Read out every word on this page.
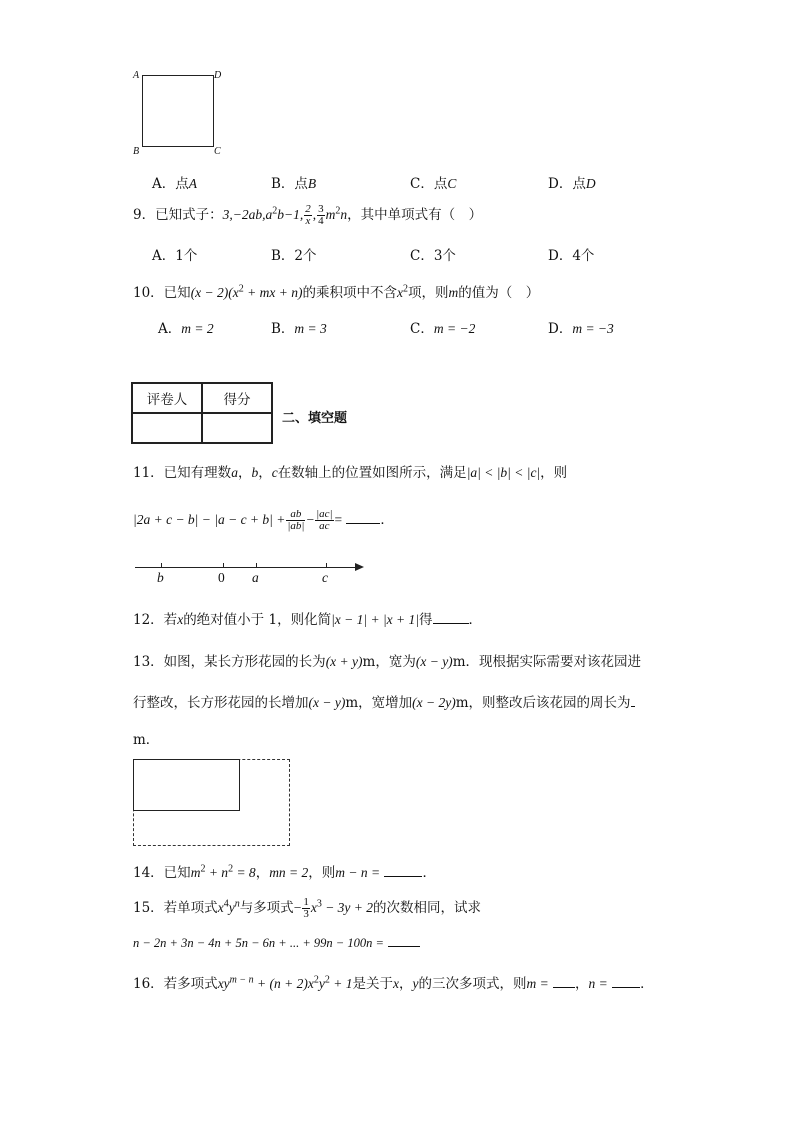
A	D
B	C
A．点A	B．点B	C．点C	D．点D
9．已知式子：$3,-2ab,a^2b-1$, $\frac{2}{x}$ , $\frac{3}{4} m^2n$，其中单项式有（　）
A．1个	B．2个	C．3个	D．4个
10．已知$(x - 2)(x^2$ + mx + n)的乘积项中不含$x^2$项，则m的值为（　）
A．m = 2	B．m = 3	C．m = −2	D．m = −3
评卷人	得分

二、填空题
11．已知有理数a，b，c在数轴上的位置如图所示，满足|a| < |b| < |c|，则
$|2a + c - b| - |a - c + b| + \frac{ab}{|ab|} - \frac{|ac|}{ac}$ =	．
b	0 a	c
12．若x的绝对值小于 1，则化简|x − 1| + |x + 1|得	．
13．如图，某长方形花园的长为(x + y)m，宽为(x − y)m．现根据实际需要对该花园进
行整改，长方形花园的长增加(x − y)m，宽增加(x − 2y)m，则整改后该花园的周长为
m．
14．已知$m^2 + n^2 = 8$，mn = 2，则m − n =	．
15．若单项式$x^4y^n$与多项式− $\frac{1}{3} x^3 - 3y + 2$的次数相同，试求
n − 2n + 3n − 4n + 5n − 6n + ... + 99n − 100n =
16．若多项式$xy^{m - n} + (n + 2)x^2y^2 + 1$是关于x，y的三次多项式，则m = ，n = ．
